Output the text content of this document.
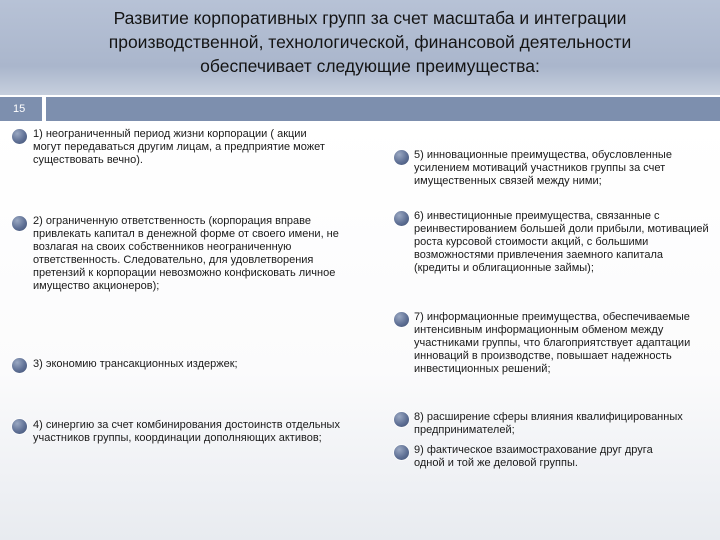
Развитие корпоративных групп за счет масштаба и интеграции
производственной, технологической, финансовой деятельности
обеспечивает следующие преимущества:
15
1) неограниченный период жизни корпорации ( акции могут передаваться другим лицам, а предприятие может существовать вечно).
2) ограниченную ответственность (корпорация вправе привлекать капитал в денежной форме от своего имени, не возлагая на своих собственников неограниченную ответственность. Следовательно, для удовлетворения претензий к корпорации невозможно конфисковать личное имущество акционеров);
3) экономию трансакционных издержек;
4) синергию за счет комбинирования достоинств отдельных участников группы, координации дополняющих активов;
5) инновационные преимущества, обусловленные усилением мотиваций участников группы за счет имущественных связей между ними;
6) инвестиционные преимущества, связанные с реинвестированием большей доли прибыли, мотивацией роста курсовой стоимости акций, с большими возможностями привлечения заемного капитала (кредиты и облигационные займы);
7) информационные преимущества, обеспечиваемые интенсивным информационным обменом между участниками группы, что благоприятствует адаптации инноваций в производстве, повышает надежность инвестиционных решений;
8) расширение сферы влияния квалифицированных предпринимателей;
9) фактическое взаимострахование друг друга одной и той же деловой группы.
